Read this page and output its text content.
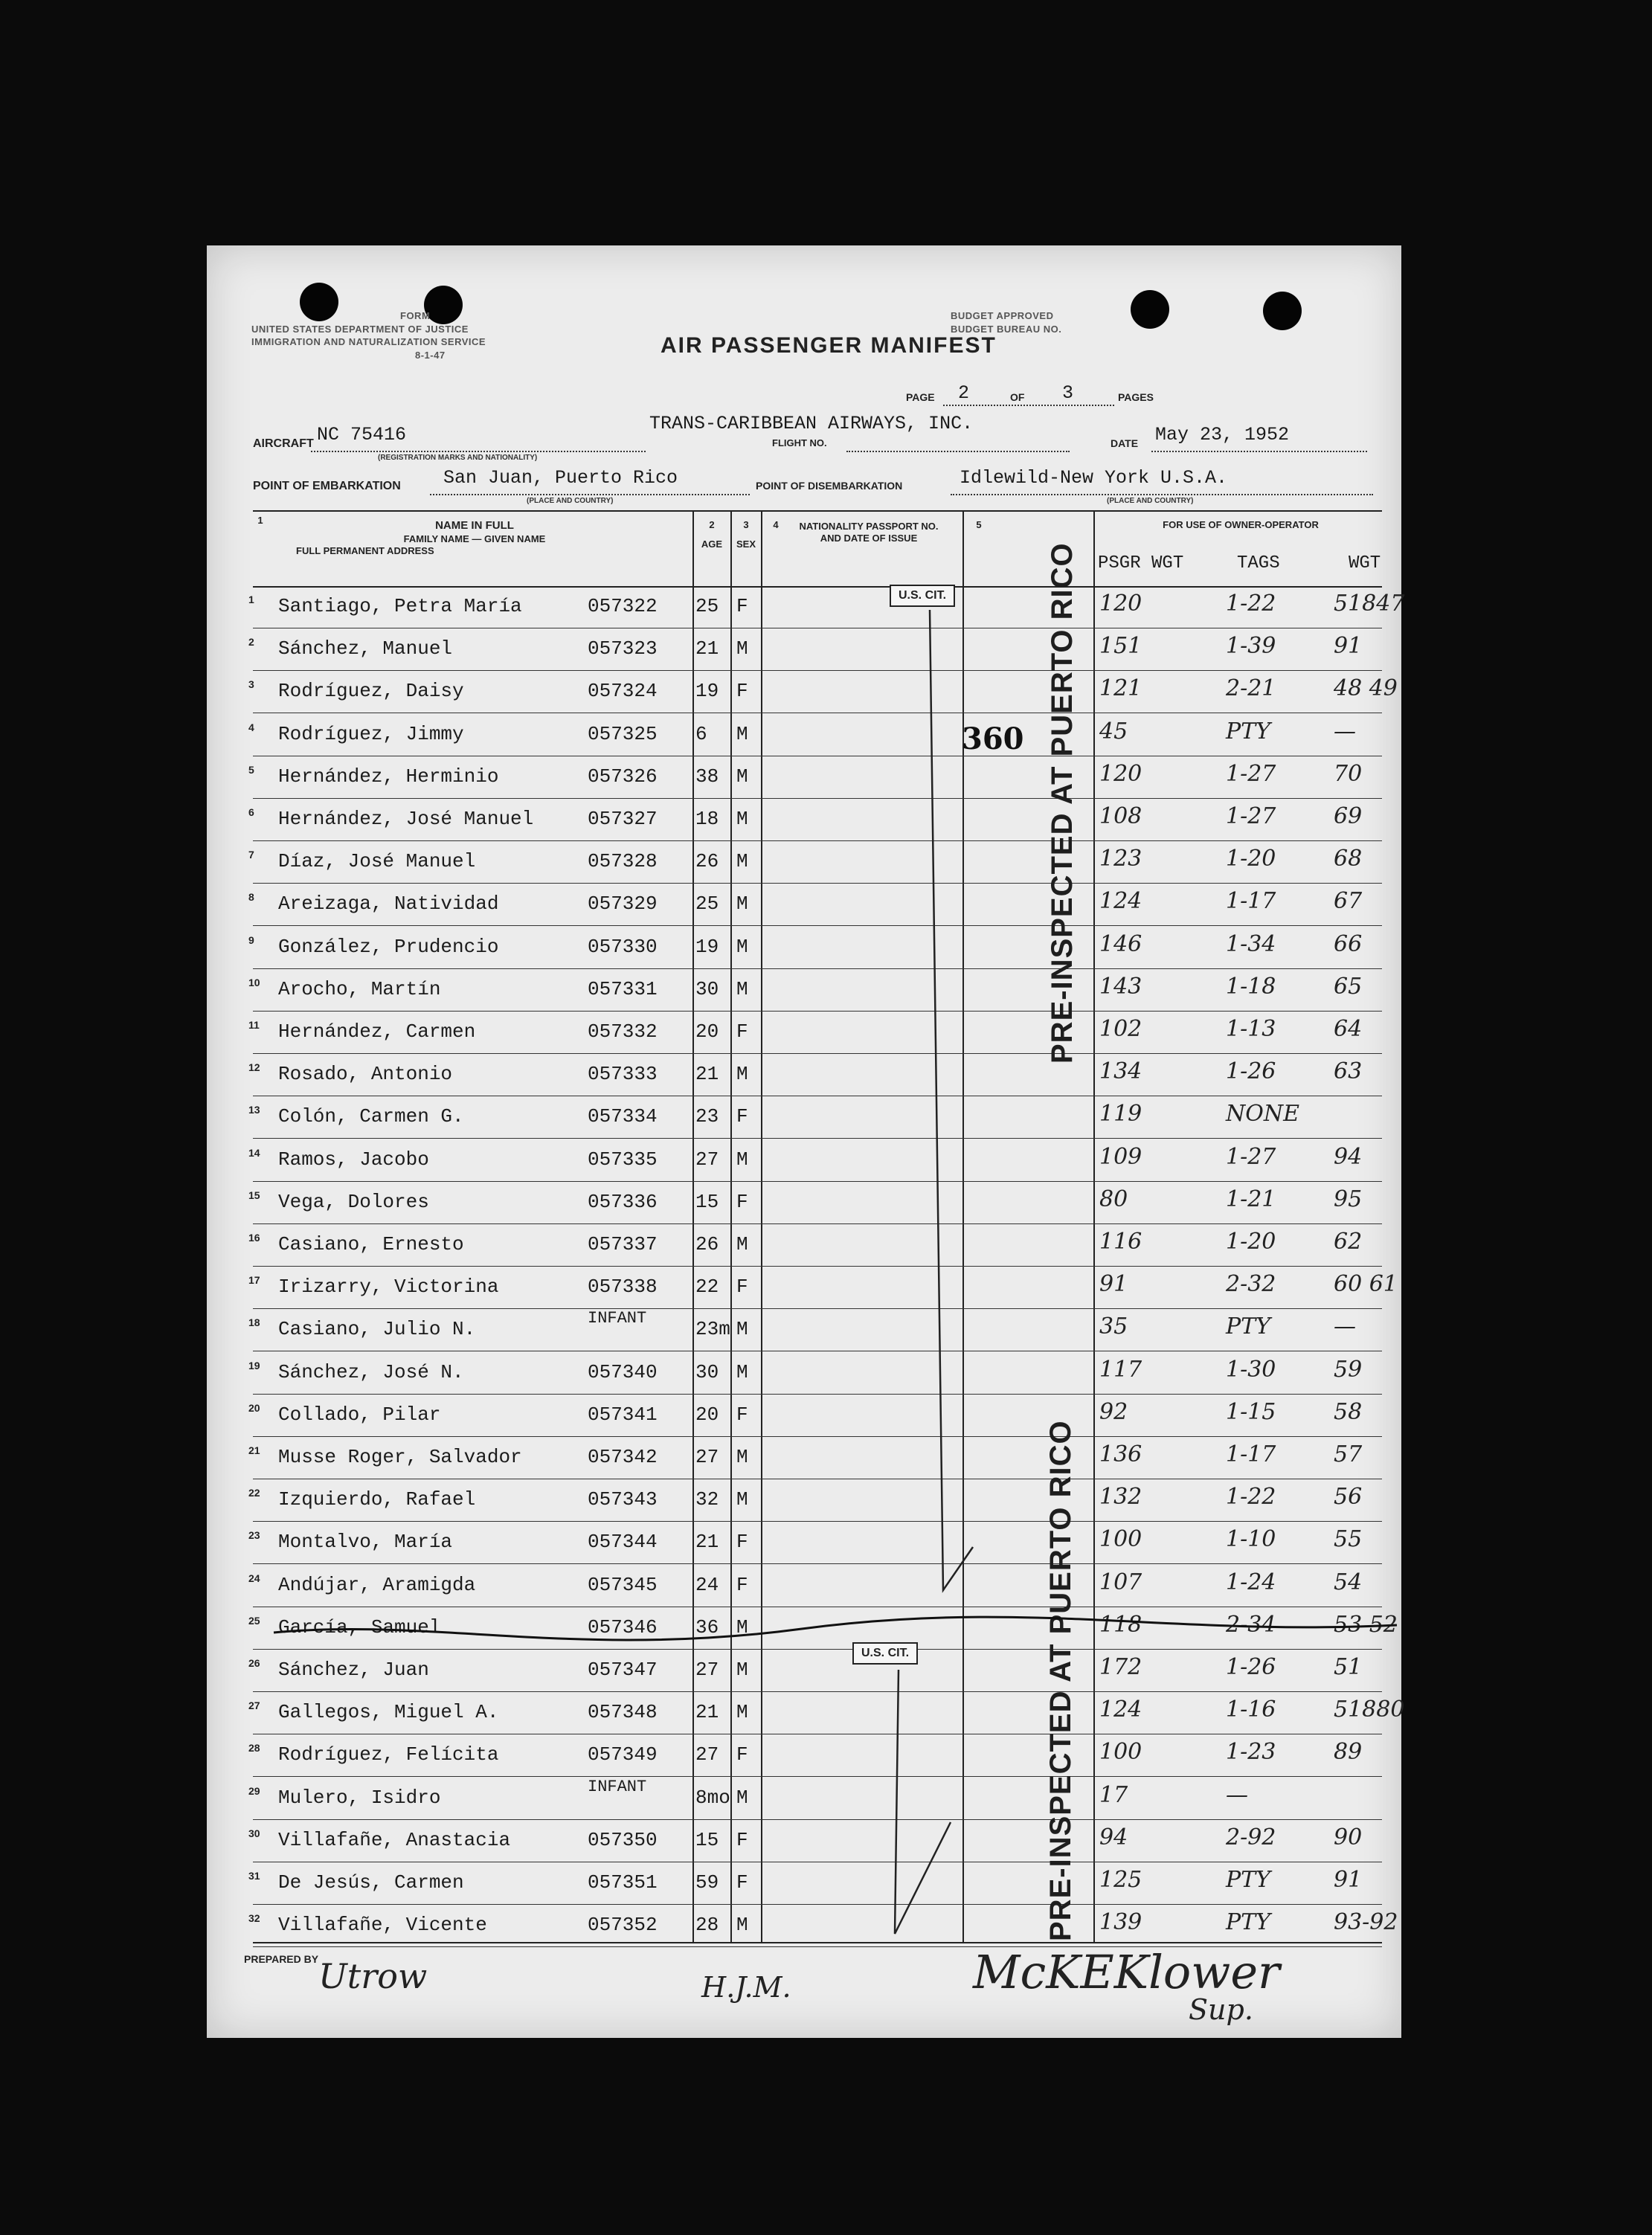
FORM
UNITED STATES DEPARTMENT OF JUSTICE
IMMIGRATION AND NATURALIZATION SERVICE
8-1-47
BUDGET APPROVED
BUDGET BUREAU NO.
AIR PASSENGER MANIFEST
PAGE 2	OF 3	PAGES
AIRCRAFT NC 75416
(REGISTRATION MARKS AND NATIONALITY)
TRANS-CARIBBEAN AIRWAYS, INC.
FLIGHT NO.	DATE May 23, 1952
POINT OF EMBARKATION San Juan, Puerto Rico
(PLACE AND COUNTRY)
POINT OF DISEMBARKATION	Idlewild-New York U.S.A.
(PLACE AND COUNTRY)
1	NAME IN FULL
FAMILY NAME — GIVEN NAME
FULL PERMANENT ADDRESS
2
AGE
3
SEX
4	NATIONALITY PASSPORT NO. AND DATE OF ISSUE
5	FOR USE OF OWNER-OPERATOR
PSGR WGT	TAGS	WGT
1 Santiago, Petra María	057322 25 F	120	1-22	51847
2 Sánchez, Manuel	057323 21 M	151	1-39	91
3 Rodríguez, Daisy	057324 19 F	121	2-21	48 49
4 Rodríguez, Jimmy	057325 6 M	45	PTY	—
5 Hernández, Herminio	057326 38 M	120	1-27	70
6 Hernández, José Manuel	057327 18 M	108	1-27	69
7 Díaz, José Manuel	057328 26 M	123	1-20	68
8 Areizaga, Natividad	057329 25 M	124	1-17	67
9 González, Prudencio	057330 19 M	146	1-34	66
10 Arocho, Martín	057331 30 M	143	1-18	65
11 Hernández, Carmen	057332 20 F	102	1-13	64
12 Rosado, Antonio	057333 21 M	134	1-26	63
13 Colón, Carmen G.	057334 23 F	119	NONE
14 Ramos, Jacobo	057335 27 M	109	1-27	94
15 Vega, Dolores	057336 15 F	80	1-21	95
16 Casiano, Ernesto	057337 26 M	116	1-20	62
17 Irizarry, Victorina	057338 22 F	91	2-32	60 61
18 Casiano, Julio N.	INFANT	23m M	35	PTY	—
19 Sánchez, José N.	057340 30 M	117	1-30	59
20 Collado, Pilar	057341 20 F	92	1-15	58
21 Musse Roger, Salvador	057342 27 M	136	1-17	57
22 Izquierdo, Rafael	057343 32 M	132	1-22	56
23 Montalvo, María	057344 21 F	100	1-10	55
24 Andújar, Aramigda	057345 24 F	107	1-24	54
25 García, Samuel	057346 36 M	118	2-34	53 52
26 Sánchez, Juan	057347 27 M	172	1-26	51
27 Gallegos, Miguel A.	057348 21 M	124	1-16	51880
28 Rodríguez, Felícita	057349 27 F	100	1-23	89
29 Mulero, Isidro	INFANT	8mo M	17	—
30 Villafañe, Anastacia	057350 15 F	94	2-92	90
31 De Jesús, Carmen	057351 59 F	125	PTY	91
32 Villafañe, Vicente	057352 28 M	139	PTY	93-92
U.S. CIT.
U.S. CIT.
PRE-INSPECTED AT PUERTO RICO
PRE-INSPECTED AT PUERTO RICO
360
PREPARED BY Utrow	H.J.M.	McKEKlower
Sup.
